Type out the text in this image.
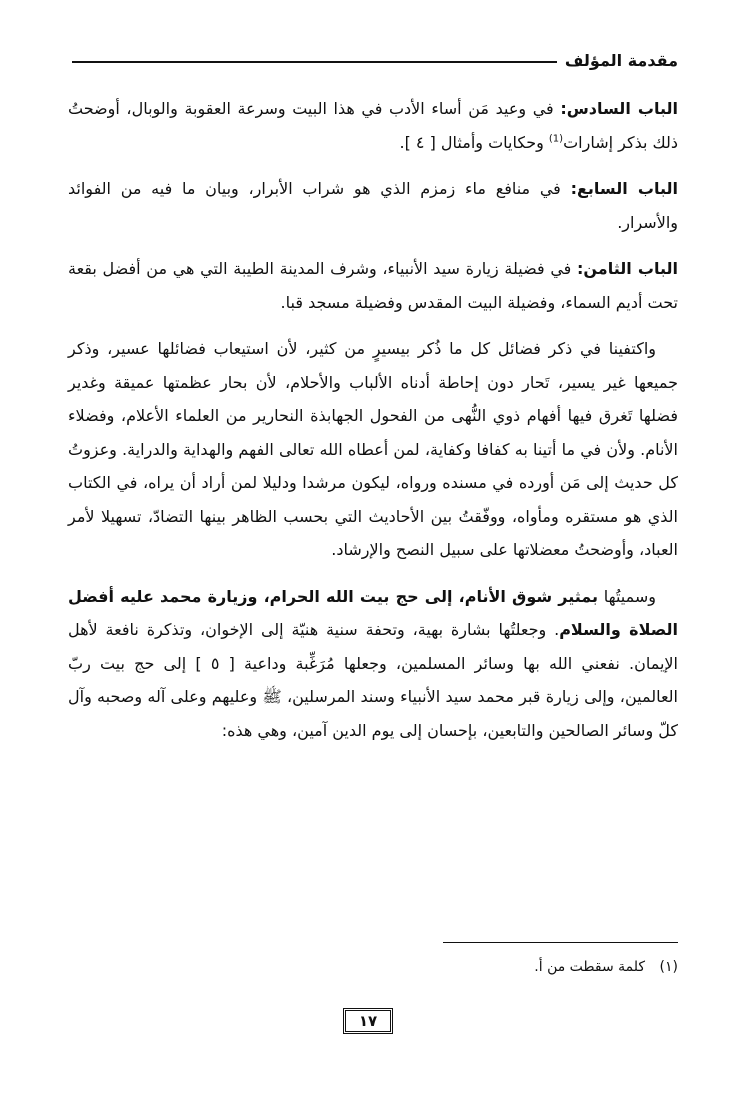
مقدمة المؤلف

الباب السادس: في وعيد مَن أساء الأدب في هذا البيت وسرعة العقوبة والوبال، أوضحتُ ذلك بذكر إشارات$^{(1)}$ وحكايات وأمثال [ ٤ ].

الباب السابع: في منافع ماء زمزم الذي هو شراب الأبرار، وبيان ما فيه من الفوائد والأسرار.

الباب الثامن: في فضيلة زيارة سيد الأنبياء، وشرف المدينة الطيبة التي هي من أفضل بقعة تحت أديم السماء، وفضيلة البيت المقدس وفضيلة مسجد قبا.

واكتفينا في ذكر فضائل كل ما ذُكر بيسيرٍ من كثير، لأن استيعاب فضائلها عسير، وذكر جميعها غير يسير، تَحار دون إحاطة أدناه الألباب والأحلام، لأن بحار عظمتها عميقة وغدير فضلها تَغرق فيها أفهام ذوي النُّهى من الفحول الجهابذة النحارير من العلماء الأعلام، وفضلاء الأنام. ولأن في ما أتينا به كفافا وكفاية، لمن أعطاه الله تعالى الفهم والهداية والدراية. وعزوتُ كل حديث إلى مَن أورده في مسنده ورواه، ليكون مرشدا ودليلا لمن أراد أن يراه، في الكتاب الذي هو مستقره ومأواه، ووفّقتُ بين الأحاديث التي بحسب الظاهر بينها التضادّ، تسهيلا لأمر العباد، وأوضحتُ معضلاتها على سبيل النصح والإرشاد.

وسميتُها بمثير شوق الأنام، إلى حج بيت الله الحرام، وزيارة محمد عليه أفضل الصلاة والسلام. وجعلتُها بشارة بهية، وتحفة سنية هنيّة إلى الإخوان، وتذكرة نافعة لأهل الإيمان. نفعني الله بها وسائر المسلمين، وجعلها مُرَغِّبة وداعية [ ٥ ] إلى حج بيت ربّ العالمين، وإلى زيارة قبر محمد سيد الأنبياء وسند المرسلين، ﷺ وعليهم وعلى آله وصحبه وآل كلّ وسائر الصالحين والتابعين، بإحسان إلى يوم الدين آمين، وهي هذه:

(١) كلمة سقطت من أ.
١٧
